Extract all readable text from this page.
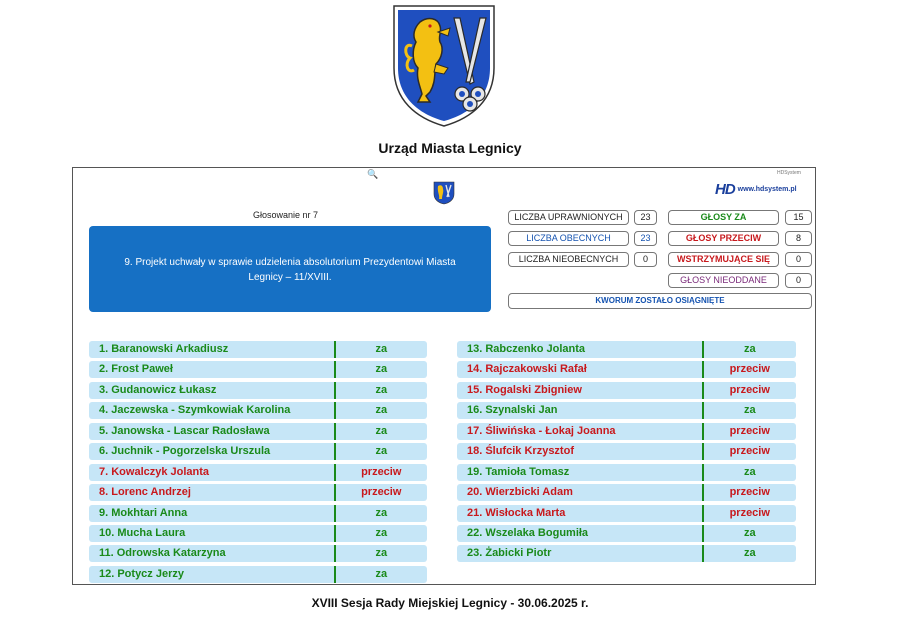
Urząd Miasta Legnicy
🔍	HDSystem
HD www.hdsystem.pl
Głosowanie nr 7
9. Projekt uchwały w sprawie udzielenia absolutorium Prezydentowi Miasta Legnicy – 11/XVIII.
LICZBA UPRAWNIONYCH	23
LICZBA OBECNYCH	23
LICZBA NIEOBECNYCH	0
GŁOSY ZA	15
GŁOSY PRZECIW	8
WSTRZYMUJĄCE SIĘ	0
GŁOSY NIEODDANE	0
KWORUM ZOSTAŁO OSIĄGNIĘTE
1. Baranowski Arkadiusz	za
2. Frost Paweł	za
3. Gudanowicz Łukasz	za
4. Jaczewska - Szymkowiak Karolina	za
5. Janowska - Lascar Radosława	za
6. Juchnik - Pogorzelska Urszula	za
7. Kowalczyk Jolanta	przeciw
8. Lorenc Andrzej	przeciw
9. Mokhtari Anna	za
10. Mucha Laura	za
11. Odrowska Katarzyna	za
12. Potycz Jerzy	za
13. Rabczenko Jolanta	za
14. Rajczakowski Rafał	przeciw
15. Rogalski Zbigniew	przeciw
16. Szynalski Jan	za
17. Śliwińska - Łokaj Joanna	przeciw
18. Ślufcik Krzysztof	przeciw
19. Tamioła Tomasz	za
20. Wierzbicki Adam	przeciw
21. Wisłocka Marta	przeciw
22. Wszelaka Bogumiła	za
23. Żabicki Piotr	za
XVIII Sesja Rady Miejskiej Legnicy - 30.06.2025 r.
